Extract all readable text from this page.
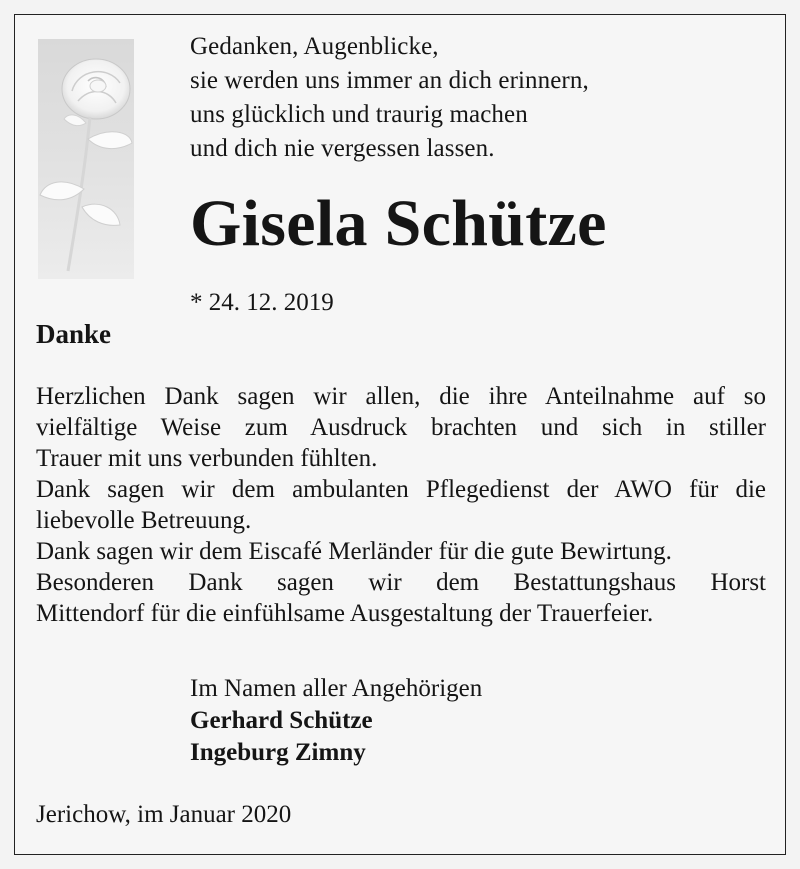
Gedanken, Augenblicke,
sie werden uns immer an dich erinnern,
uns glücklich und traurig machen
und dich nie vergessen lassen.
Gisela Schütze
* 24. 12. 2019
Danke
Herzlichen Dank sagen wir allen, die ihre Anteilnahme auf so
vielfältige Weise zum Ausdruck brachten und sich in stiller
Trauer mit uns verbunden fühlten.
Dank sagen wir dem ambulanten Pflegedienst der AWO für die
liebevolle Betreuung.
Dank sagen wir dem Eiscafé Merländer für die gute Bewirtung.
Besonderen Dank sagen wir dem Bestattungshaus Horst
Mittendorf für die einfühlsame Ausgestaltung der Trauerfeier.
Im Namen aller Angehörigen
Gerhard Schütze
Ingeburg Zimny
Jerichow, im Januar 2020
